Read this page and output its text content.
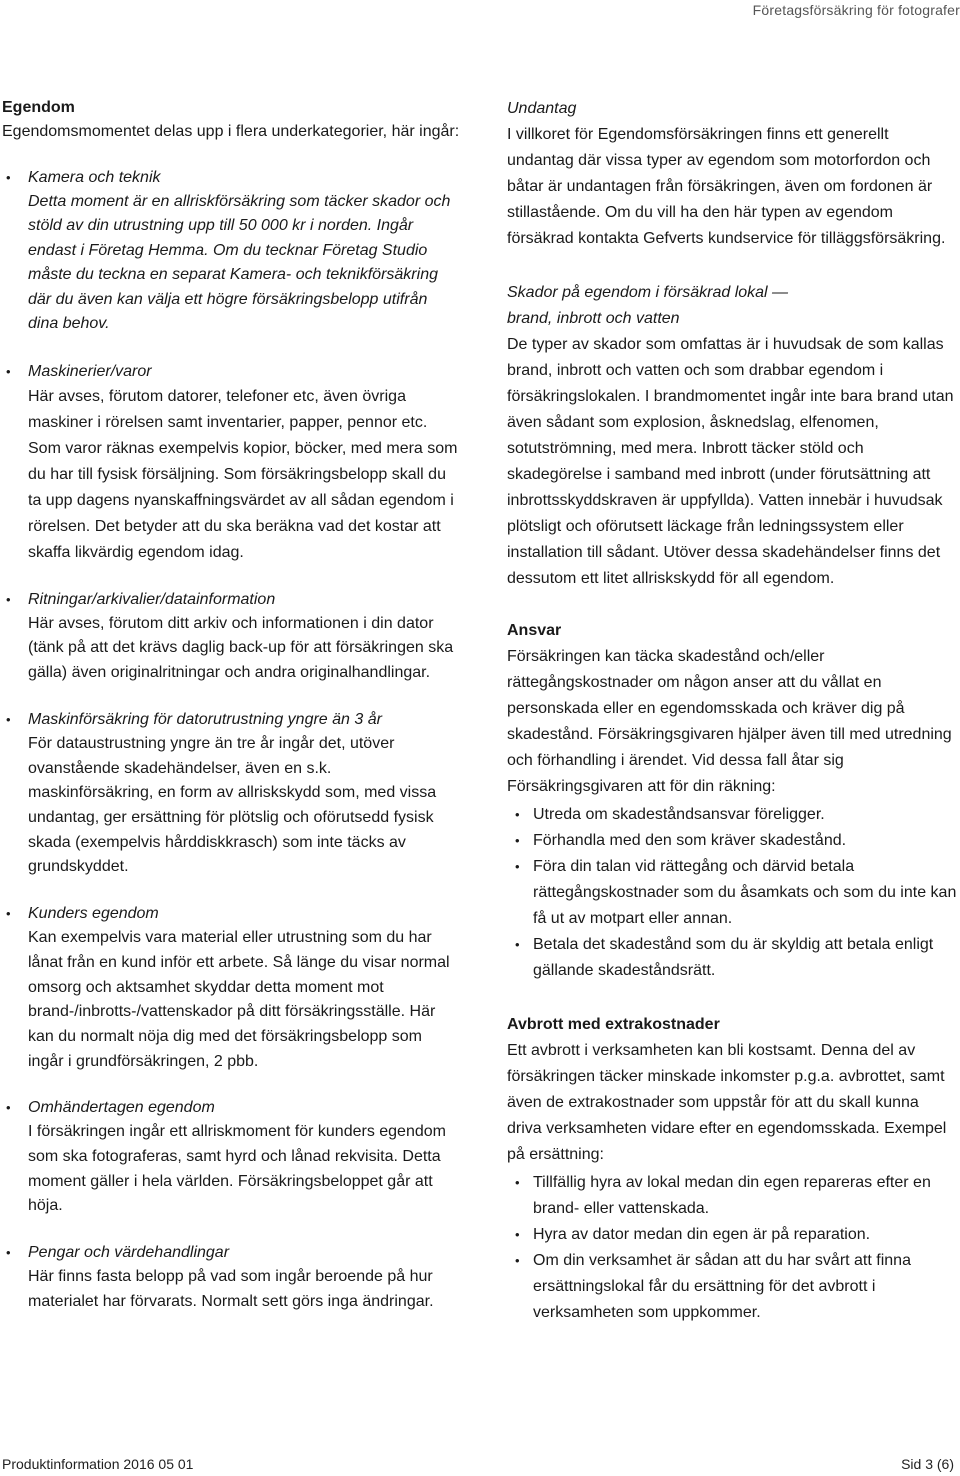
Företagsförsäkring för fotografer
Egendom

Egendomsmomentet delas upp i flera underkategorier, här ingår:

• Kamera och teknik
Detta moment är en allriskförsäkring som täcker skador och stöld av din utrustning upp till 50 000 kr i norden. Ingår endast i Företag Hemma. Om du tecknar Företag Studio måste du teckna en separat Kamera- och teknikförsäkring där du även kan välja ett högre försäkringsbelopp utifrån dina behov.
• Maskinerier/varor
Här avses, förutom datorer, telefoner etc, även övriga maskiner i rörelsen samt inventarier, papper, pennor etc. Som varor räknas exempelvis kopior, böcker, med mera som du har till fysisk försäljning. Som försäkringsbelopp skall du ta upp dagens nyanskaffningsvärdet av all sådan egendom i rörelsen. Det betyder att du ska beräkna vad det kostar att skaffa likvärdig egendom idag.
• Ritningar/arkivalier/datainformation
Här avses, förutom ditt arkiv och informationen i din dator (tänk på att det krävs daglig back-up för att försäkringen ska gälla) även originalritningar och andra originalhandlingar.
• Maskinförsäkring för datorutrustning yngre än 3 år
För dataustrustning yngre än tre år ingår det, utöver ovanstående skadehändelser, även en s.k. maskinförsäkring, en form av allriskskydd som, med vissa undantag, ger ersättning för plötslig och oförutsedd fysisk skada (exempelvis hårddiskkrasch) som inte täcks av grundskyddet.
• Kunders egendom
Kan exempelvis vara material eller utrustning som du har lånat från en kund inför ett arbete. Så länge du visar normal omsorg och aktsamhet skyddar detta moment mot brand-/inbrotts-/vattenskador på ditt försäkringsställe. Här kan du normalt nöja dig med det försäkringsbelopp som ingår i grundförsäkringen, 2 pbb.
• Omhändertagen egendom
I försäkringen ingår ett allriskmoment för kunders egendom som ska fotograferas, samt hyrd och lånad rekvisita. Detta moment gäller i hela världen. Försäkringsbeloppet går att höja.
• Pengar och värdehandlingar
Här finns fasta belopp på vad som ingår beroende på hur materialet har förvarats. Normalt sett görs inga ändringar.
Undantag

I villkoret för Egendomsförsäkringen finns ett generellt undantag där vissa typer av egendom som motorfordon och båtar är undantagen från försäkringen, även om fordonen är stillastående. Om du vill ha den här typen av egendom försäkrad kontakta Gefverts kundservice för tilläggsförsäkring.

Skador på egendom i försäkrad lokal —
brand, inbrott och vatten

De typer av skador som omfattas är i huvudsak de som kallas brand, inbrott och vatten och som drabbar egendom i försäkringslokalen. I brandmomentet ingår inte bara brand utan även sådant som explosion, åsknedslag, elfenomen, sotutströmning, med mera. Inbrott täcker stöld och skadegörelse i samband med inbrott (under förutsättning att inbrottsskyddskraven är uppfyllda). Vatten innebär i huvudsak plötsligt och oförutsett läckage från ledningssystem eller installation till sådant. Utöver dessa skadehändelser finns det dessutom ett litet allriskskydd för all egendom.

Ansvar

Försäkringen kan täcka skadestånd och/eller rättegångskostnader om någon anser att du vållat en personskada eller en egendomsskada och kräver dig på skadestånd. Försäkringsgivaren hjälper även till med utredning och förhandling i ärendet. Vid dessa fall åtar sig Försäkringsgivaren att för din räkning:

• Utreda om skadeståndsansvar föreligger.
• Förhandla med den som kräver skadestånd.
• Föra din talan vid rättegång och därvid betala rättegångskostnader som du åsamkats och som du inte kan få ut av motpart eller annan.
• Betala det skadestånd som du är skyldig att betala enligt gällande skadeståndsrätt.
Avbrott med extrakostnader

Ett avbrott i verksamheten kan bli kostsamt. Denna del av försäkringen täcker minskade inkomster p.g.a. avbrottet, samt även de extrakostnader som uppstår för att du skall kunna driva verksamheten vidare efter en egendomsskada. Exempel på ersättning:

• Tillfällig hyra av lokal medan din egen repareras efter en brand- eller vattenskada.
• Hyra av dator medan din egen är på reparation.
• Om din verksamhet är sådan att du har svårt att finna ersättningslokal får du ersättning för det avbrott i verksamheten som uppkommer.
Produktinformation 2016 05 01	Sid 3 (6)
